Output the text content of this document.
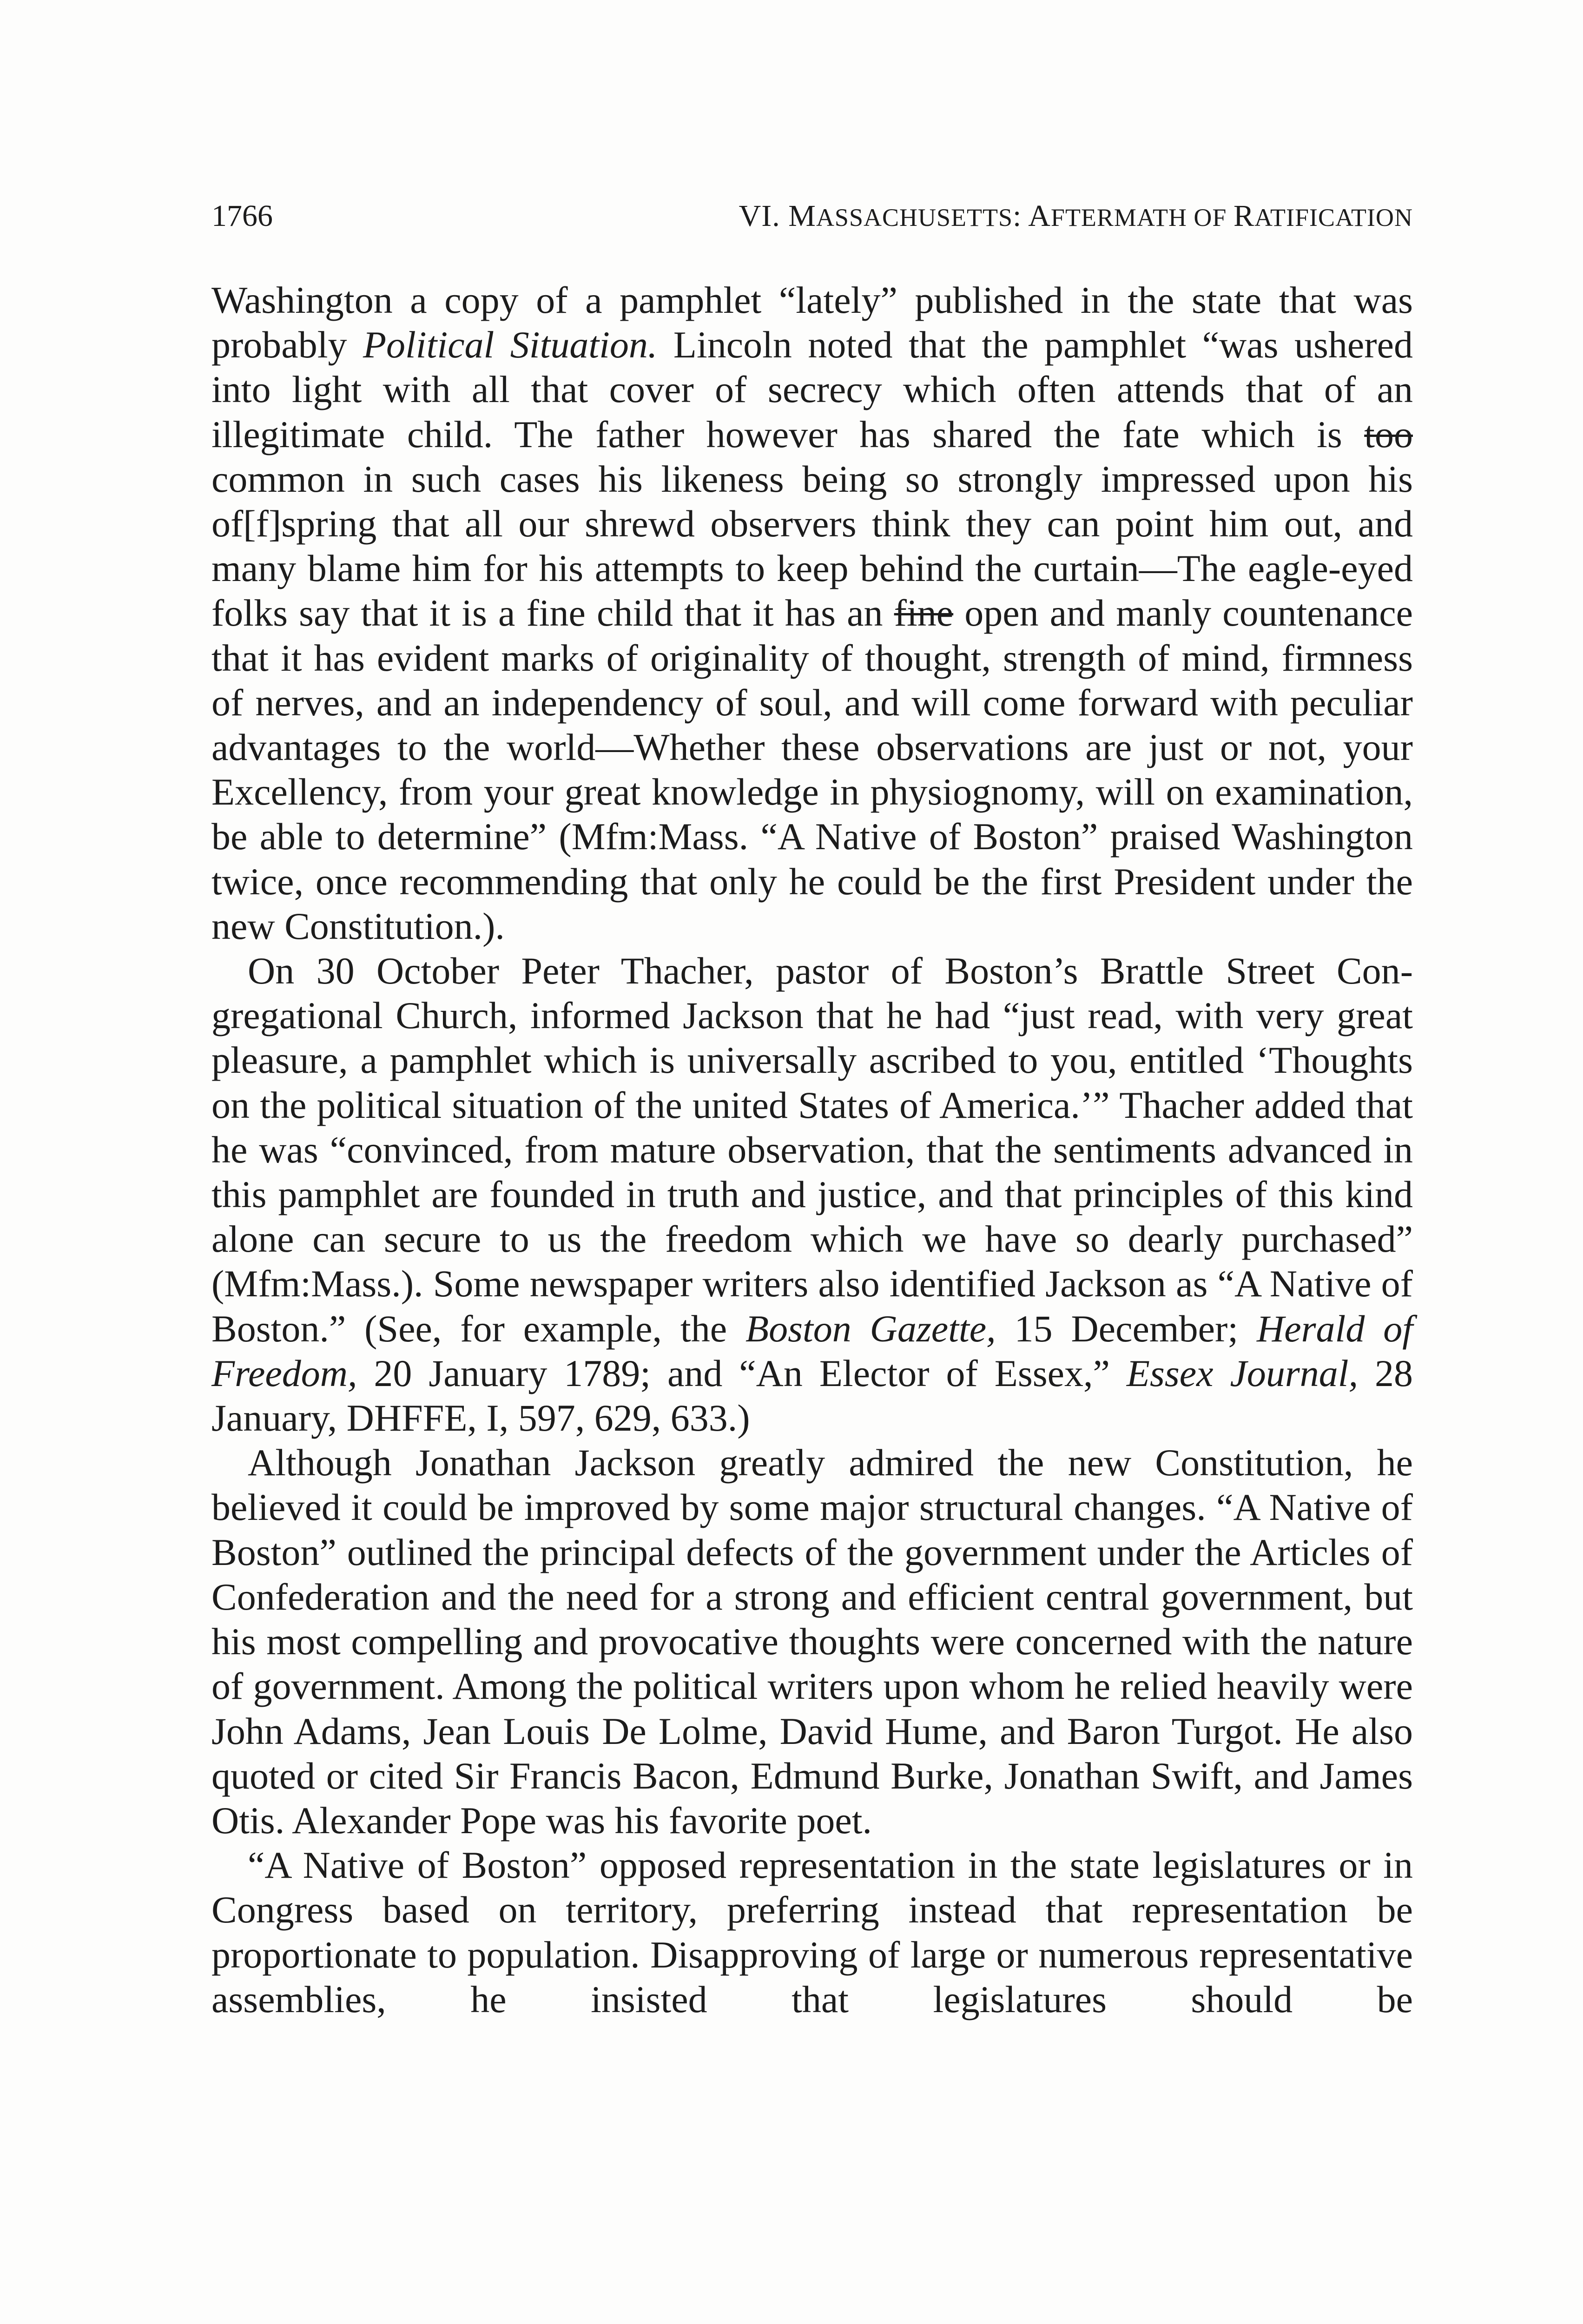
1766	VI. MASSACHUSETTS: AFTERMATH OF RATIFICATION

Washington a copy of a pamphlet “lately” published in the state that was probably Political Situation. Lincoln noted that the pamphlet “was ushered into light with all that cover of secrecy which often attends that of an illegitimate child. The father however has shared the fate which is too common in such cases his likeness being so strongly impressed upon his of[f]spring that all our shrewd observers think they can point him out, and many blame him for his attempts to keep behind the curtain—The eagle-eyed folks say that it is a fine child that it has an fine open and manly countenance that it has evident marks of originality of thought, strength of mind, firmness of nerves, and an independency of soul, and will come forward with peculiar advantages to the world—Whether these observations are just or not, your Excellency, from your great knowledge in physiognomy, will on examination, be able to determine” (Mfm:Mass. “A Native of Boston” praised Washington twice, once recommending that only he could be the first President under the new Constitution.).

On 30 October Peter Thacher, pastor of Boston’s Brattle Street Congregational Church, informed Jackson that he had “just read, with very great pleasure, a pamphlet which is universally ascribed to you, entitled ‘Thoughts on the political situation of the united States of America.’” Thacher added that he was “convinced, from mature observation, that the sentiments advanced in this pamphlet are founded in truth and justice, and that principles of this kind alone can secure to us the freedom which we have so dearly purchased” (Mfm:Mass.). Some newspaper writers also identified Jackson as “A Native of Boston.” (See, for example, the Boston Gazette, 15 December; Herald of Freedom, 20 January 1789; and “An Elector of Essex,” Essex Journal, 28 January, DHFFE, I, 597, 629, 633.)

Although Jonathan Jackson greatly admired the new Constitution, he believed it could be improved by some major structural changes. “A Native of Boston” outlined the principal defects of the government under the Articles of Confederation and the need for a strong and efficient central government, but his most compelling and provocative thoughts were concerned with the nature of government. Among the political writers upon whom he relied heavily were John Adams, Jean Louis De Lolme, David Hume, and Baron Turgot. He also quoted or cited Sir Francis Bacon, Edmund Burke, Jonathan Swift, and James Otis. Alexander Pope was his favorite poet.

“A Native of Boston” opposed representation in the state legislatures or in Congress based on territory, preferring instead that representation be proportionate to population. Disapproving of large or numerous representative assemblies, he insisted that legislatures should be
